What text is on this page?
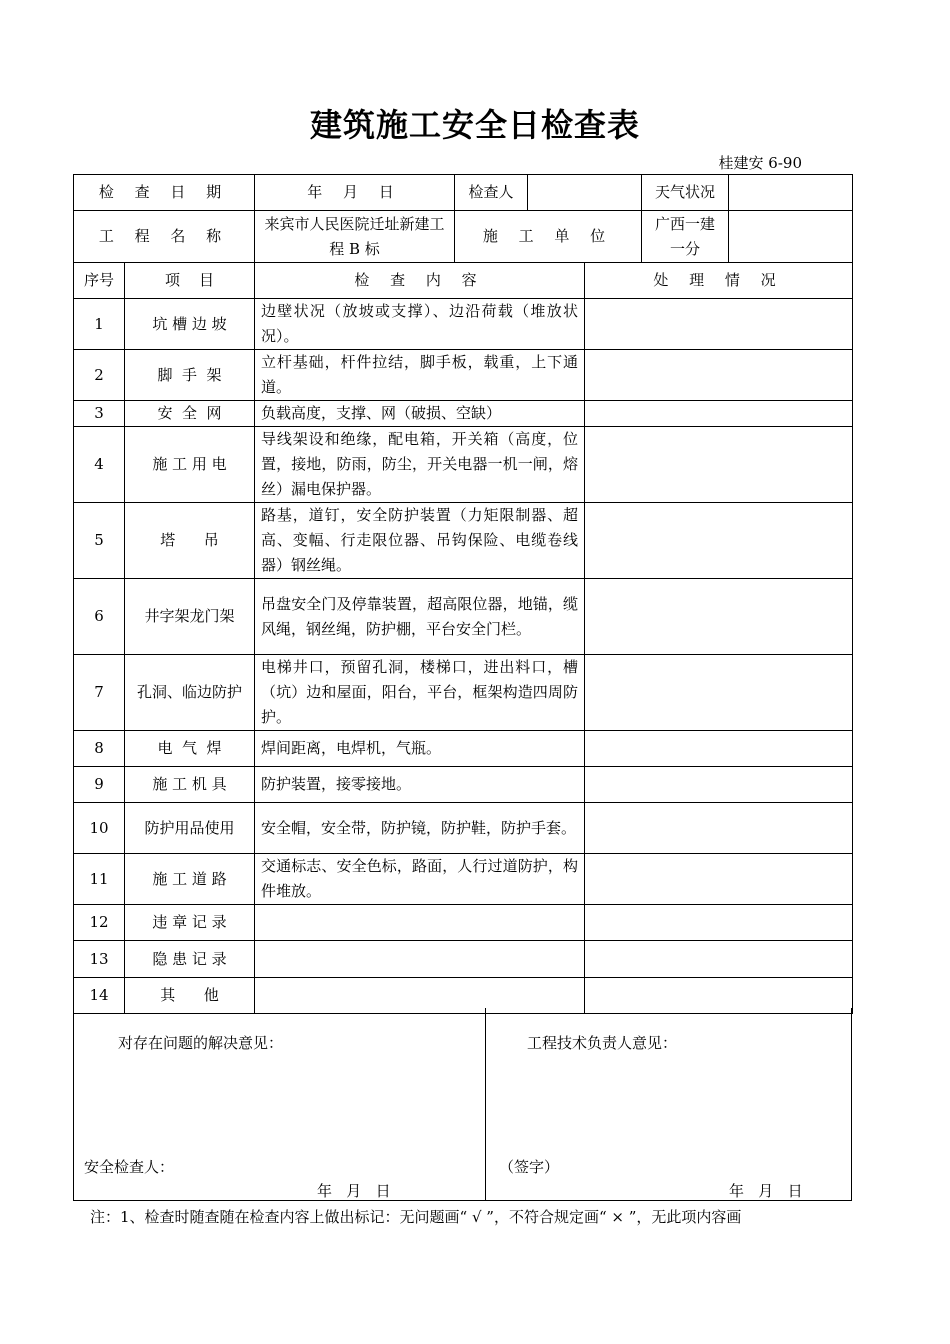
建筑施工安全日检查表
桂建安 6-90
检 查 日 期		年 月 日	检查人			天气状况	
工 程 名 称		来宾市人民医院迁址新建工程 B 标	施 工 单 位			广西一建一分	
序号	项    目	检 查 内 容			处 理 情 况		
1	坑 槽 边 坡	边壁状况（放坡或支撑）、边沿荷载（堆放状况）。					
2	脚  手  架	立杆基础，杆件拉结，脚手板，载重，上下通道。					
3	安  全  网	负载高度，支撑、网（破损、空缺）					
4	施 工 用 电	导线架设和绝缘，配电箱，开关箱（高度，位置，接地，防雨，防尘，开关电器一机一闸，熔丝）漏电保护器。					
5	塔      吊	路基，道钉，安全防护装置（力矩限制器、超高、变幅、行走限位器、吊钩保险、电缆卷线器）钢丝绳。					
6	井字架龙门架	吊盘安全门及停靠装置，超高限位器，地锚，缆风绳，钢丝绳，防护棚，平台安全门栏。					
7	孔洞、临边防护	电梯井口，预留孔洞，楼梯口，进出料口，槽（坑）边和屋面，阳台，平台，框架构造四周防护。					
8	电  气  焊	焊间距离，电焊机，气瓶。					
9	施 工 机 具	防护装置，接零接地。					
10	防护用品使用	安全帽，安全带，防护镜，防护鞋，防护手套。					
11	施 工 道 路	交通标志、安全色标，路面，人行过道防护，构件堆放。					
12	违 章 记 录						
13	隐 患 记 录						
14	其      他						
对存在问题的解决意见：
安全检查人：
年   月   日
工程技术负责人意见：
（签字）
年   月   日
注：1、检查时随查随在检查内容上做出标记：无问题画“ √ ”，不符合规定画“ × ”，无此项内容画
